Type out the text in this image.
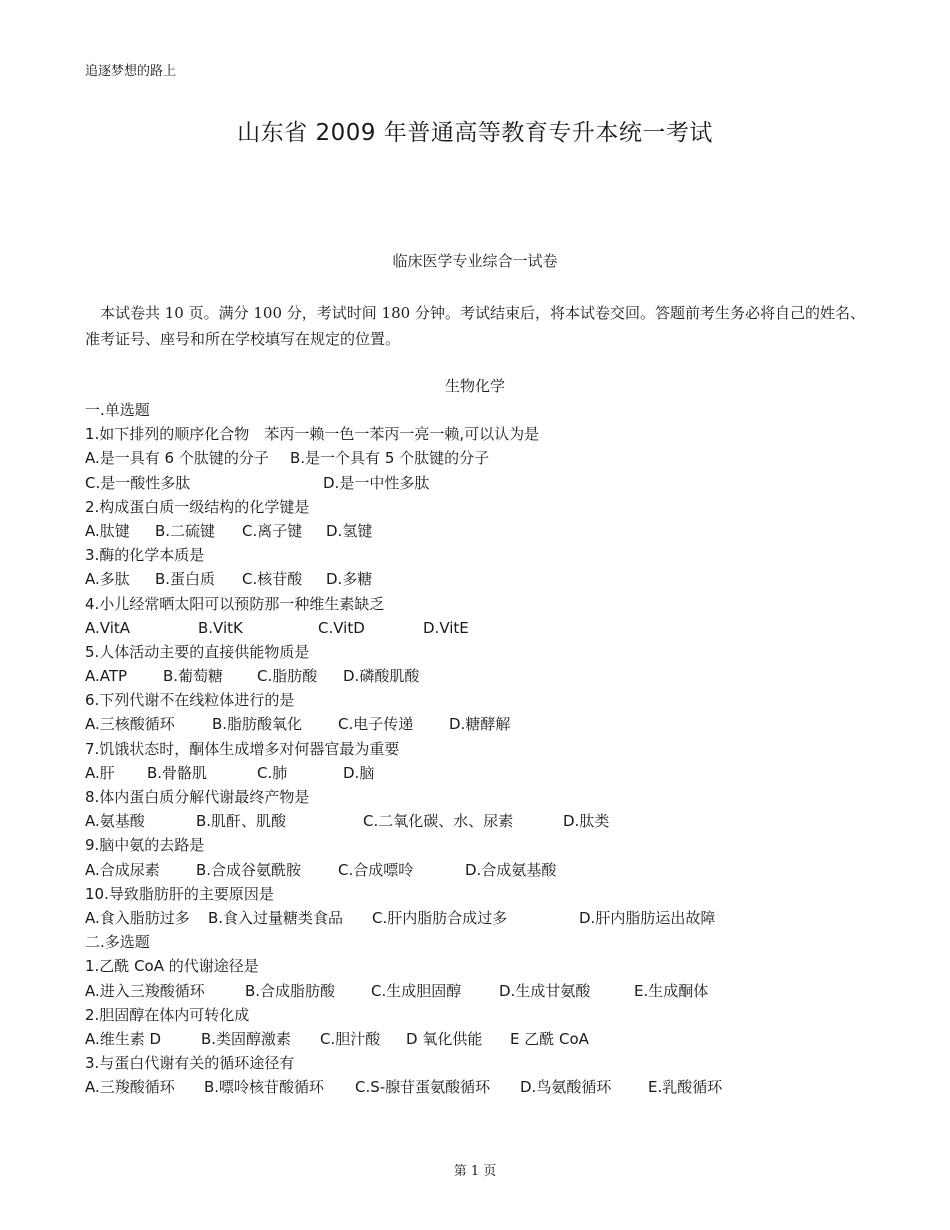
追逐梦想的路上
山东省 2009 年普通高等教育专升本统一考试
临床医学专业综合一试卷
本试卷共 10 页。满分 100 分，考试时间 180 分钟。考试结束后，将本试卷交回。答题前考生务必将自己的姓名、准考证号、座号和所在学校填写在规定的位置。
生物化学
一.单选题
1.如下排列的顺序化合物　苯丙一赖一色一苯丙一亮一赖,可以认为是
A.是一具有 6 个肽键的分子 B.是一个具有 5 个肽键的分子
C.是一酸性多肽	D.是一中性多肽
2.构成蛋白质一级结构的化学键是
A.肽键 B.二硫键 C.离子键 D.氢键
3.酶的化学本质是
A.多肽 B.蛋白质 C.核苷酸 D.多糖
4.小儿经常晒太阳可以预防那一种维生素缺乏
A.VitA	B.VitK	C.VitD	D.VitE
5.人体活动主要的直接供能物质是
A.ATP B.葡萄糖 C.脂肪酸 D.磷酸肌酸
6.下列代谢不在线粒体进行的是
A.三核酸循环 B.脂肪酸氧化 C.电子传递 D.糖酵解
7.饥饿状态时，酮体生成增多对何器官最为重要
A.肝 B.骨骼肌	C.肺	D.脑
8.体内蛋白质分解代谢最终产物是
A.氨基酸	B.肌酐、肌酸	C.二氧化碳、水、尿素	D.肽类
9.脑中氨的去路是
A.合成尿素 B.合成谷氨酰胺 C.合成嘌呤	D.合成氨基酸
10.导致脂肪肝的主要原因是
A.食入脂肪过多 B.食入过量糖类食品 C.肝内脂肪合成过多	D.肝内脂肪运出故障
二.多选题
1.乙酰 CoA 的代谢途径是
A.进入三羧酸循环	B.合成脂肪酸 C.生成胆固醇	D.生成甘氨酸	E.生成酮体
2.胆固醇在体内可转化成
A.维生素 D	B.类固醇激素 C.胆汁酸 D 氧化供能 E 乙酰 CoA
3.与蛋白代谢有关的循环途径有
A.三羧酸循环 B.嘌呤核苷酸循环 C.S-腺苷蛋氨酸循环 D.鸟氨酸循环 E.乳酸循环
第 1 页
